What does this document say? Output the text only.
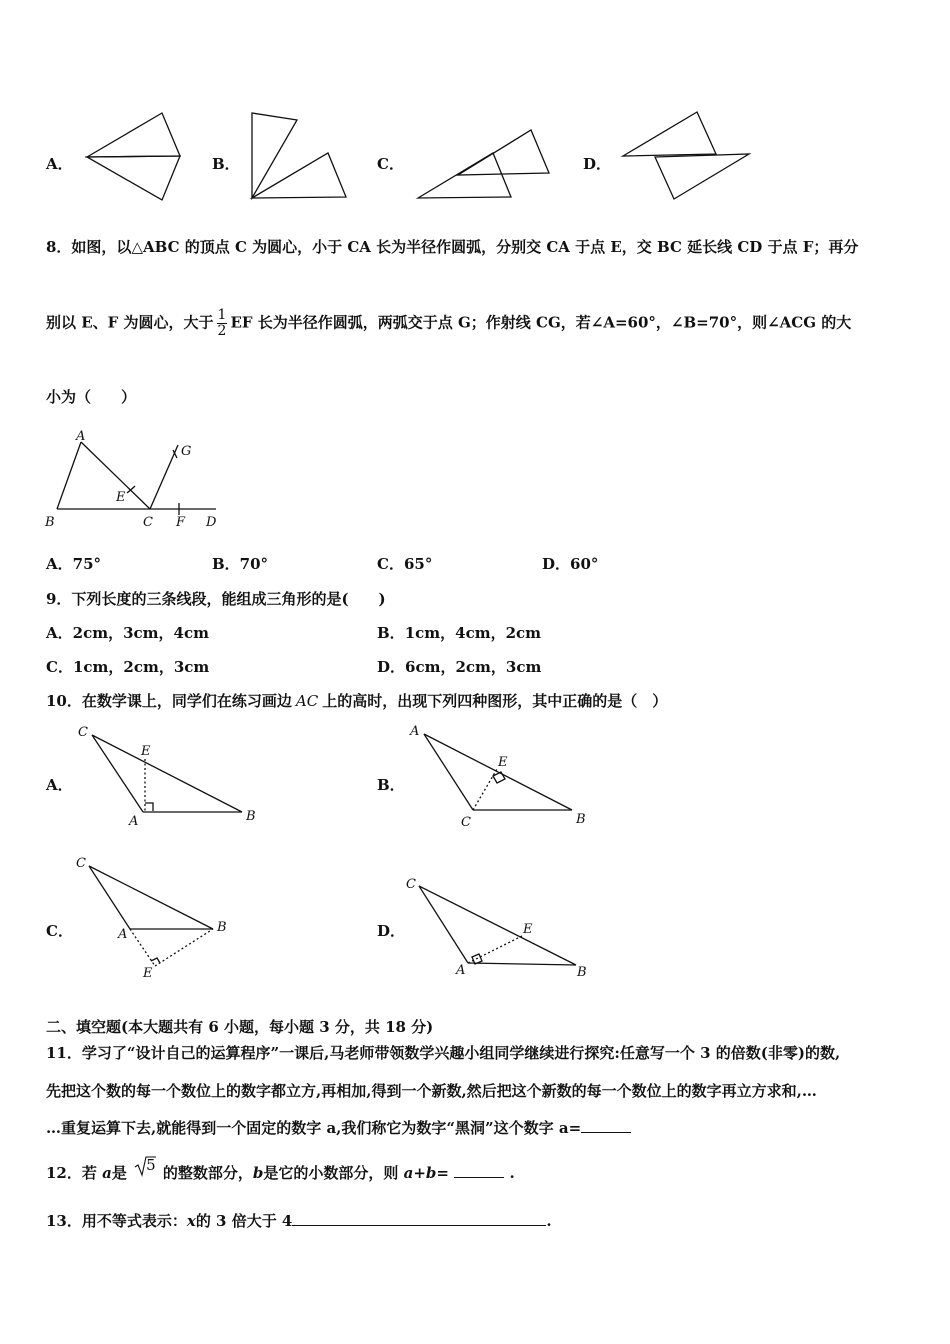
A．	B．	C．	D．
8．如图，以△ABC 的顶点 C 为圆心，小于 CA 长为半径作圆弧，分别交 CA 于点 E，交 BC 延长线 CD 于点 F；再分
别以 E、F 为圆心，大于 $\frac{1}{2}$ EF 长为半径作圆弧，两弧交于点 G；作射线 CG，若∠A=60°，∠B=70°，则∠ACG 的大
小为（　　）
A
B	C	D
E
F
G
A．75°	B．70°	C．65°	D．60°
9．下列长度的三条线段，能组成三角形的是(　　)
A．2cm，3cm，4cm	B．1cm，4cm，2cm
C．1cm，2cm，3cm	D．6cm，2cm，3cm
10．在数学课上，同学们在练习画边 AC 上的高时，出现下列四种图形，其中正确的是（　）
A．
C
E
A	B
B．
A
E
C	B
C．
C
A	B
E
D．
C
E
A	B
二、填空题(本大题共有 6 小题，每小题 3 分，共 18 分)
11．学习了“设计自己的运算程序”一课后,马老师带领数学兴趣小组同学继续进行探究:任意写一个 3 的倍数(非零)的数,
先把这个数的每一个数位上的数字都立方,再相加,得到一个新数,然后把这个新数的每一个数位上的数字再立方求和,…
…重复运算下去,就能得到一个固定的数字 a,我们称它为数字“黑洞”这个数字 a=
12．若 a是 5 的整数部分，b是它的小数部分，则 a+b=	.
13．用不等式表示：x的 3 倍大于 4	.
